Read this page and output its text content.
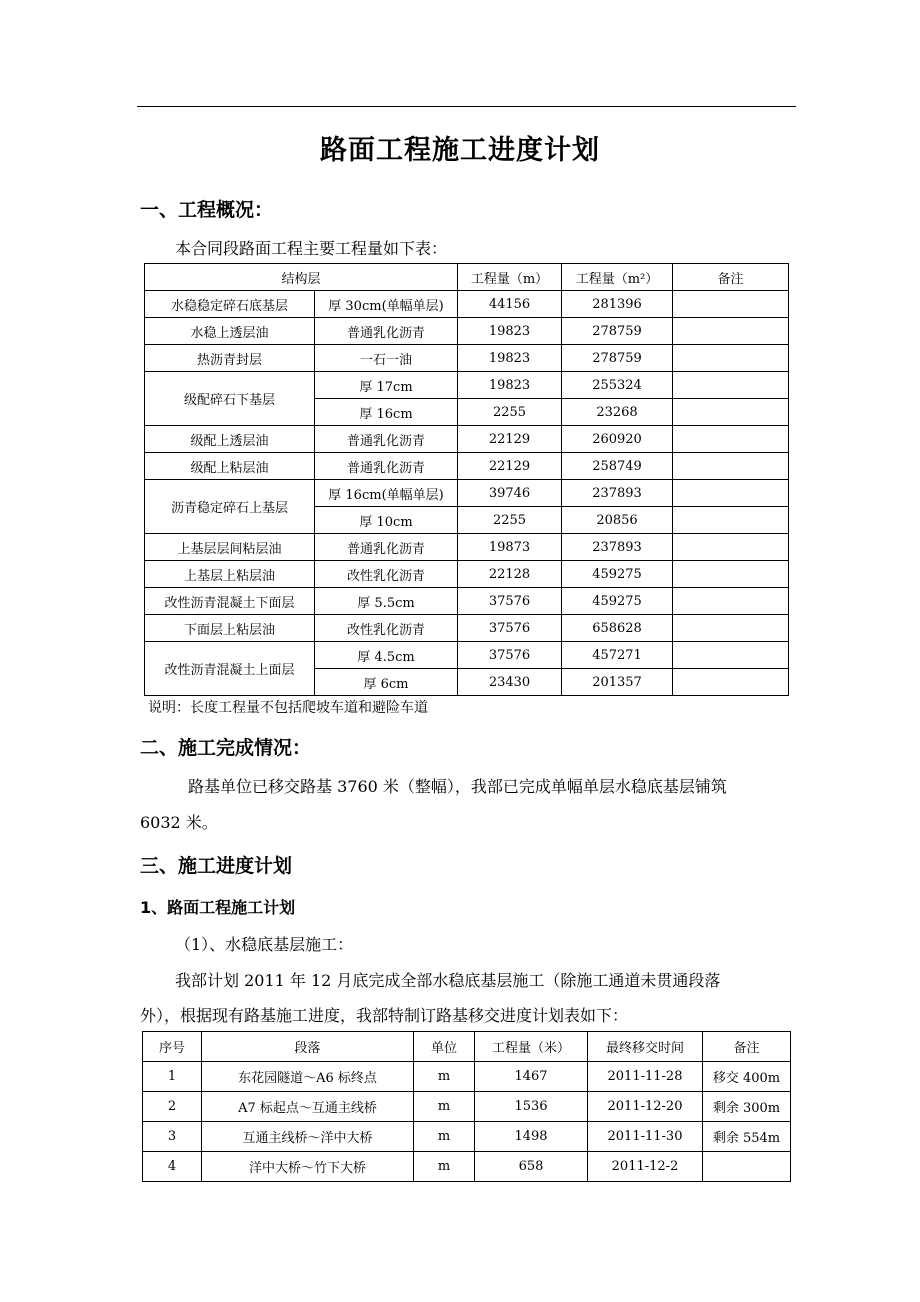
路面工程施工进度计划
一、工程概况：
本合同段路面工程主要工程量如下表：
结构层		工程量（m）	工程量（m²）	备注
水稳稳定碎石底基层	厚 30cm(单幅单层)	44156	281396	
水稳上透层油	普通乳化沥青	19823	278759	
热沥青封层	一石一油	19823	278759	
级配碎石下基层	厚 17cm	19823	255324	
	厚 16cm	2255	23268	
级配上透层油	普通乳化沥青	22129	260920	
级配上粘层油	普通乳化沥青	22129	258749	
沥青稳定碎石上基层	厚 16cm(单幅单层)	39746	237893	
	厚 10cm	2255	20856	
上基层层间粘层油	普通乳化沥青	19873	237893	
上基层上粘层油	改性乳化沥青	22128	459275	
改性沥青混凝土下面层	厚 5.5cm	37576	459275	
下面层上粘层油	改性乳化沥青	37576	658628	
改性沥青混凝土上面层	厚 4.5cm	37576	457271	
	厚 6cm	23430	201357	
说明：长度工程量不包括爬坡车道和避险车道
二、施工完成情况：
路基单位已移交路基 3760 米（整幅），我部已完成单幅单层水稳底基层铺筑
6032 米。
三、施工进度计划
1、路面工程施工计划
（1）、水稳底基层施工：
我部计划 2011 年 12 月底完成全部水稳底基层施工（除施工通道未贯通段落
外），根据现有路基施工进度，我部特制订路基移交进度计划表如下：
序号	段落	单位	工程量（米）	最终移交时间	备注
1	东花园隧道～A6 标终点	m	1467	2011-11-28	移交 400m
2	A7 标起点～互通主线桥	m	1536	2011-12-20	剩余 300m
3	互通主线桥～洋中大桥	m	1498	2011-11-30	剩余 554m
4	洋中大桥～竹下大桥	m	658	2011-12-2	
